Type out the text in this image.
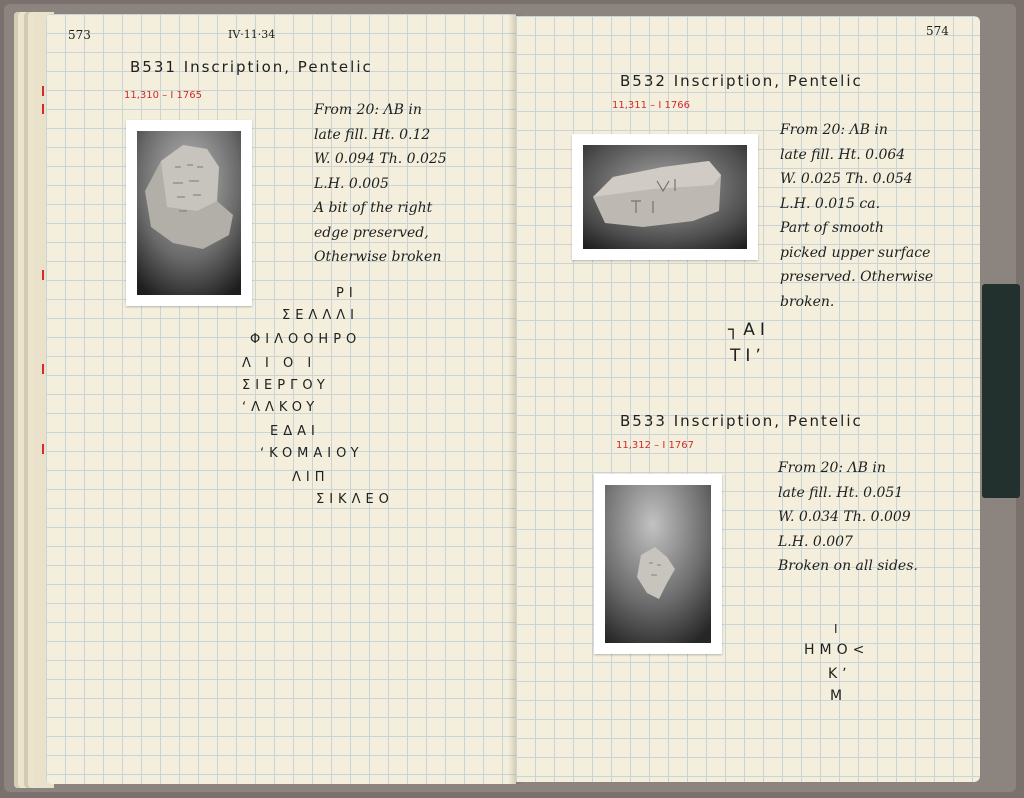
573	IV·11·34
B531 Inscription, Pentelic
11,310 – I 1765
From 20: ΛB in
late fill. Ht. 0.12
W. 0.094 Th. 0.025
L.H. 0.005
A bit of the right
edge preserved,
Otherwise broken
PI
ΣEΛΛΛI
ΦIΛOOHPO
Λ I O I
ΣIEPΓOY
ʻΛΛKOY
EΔAI
ʻKOMAIOY
ΛIΠ
ΣIKΛEO
574
B532 Inscription, Pentelic
11,311 – I 1766
From 20: ΛB in
late fill. Ht. 0.064
W. 0.025 Th. 0.054
L.H. 0.015 ca.
Part of smooth
picked upper surface
preserved. Otherwise
broken.
┐AI
TIʼ
B533 Inscription, Pentelic
11,312 – I 1767
From 20: ΛB in
late fill. Ht. 0.051
W. 0.034 Th. 0.009
L.H. 0.007
Broken on all sides.
I
HMO<
Kʼ
M
